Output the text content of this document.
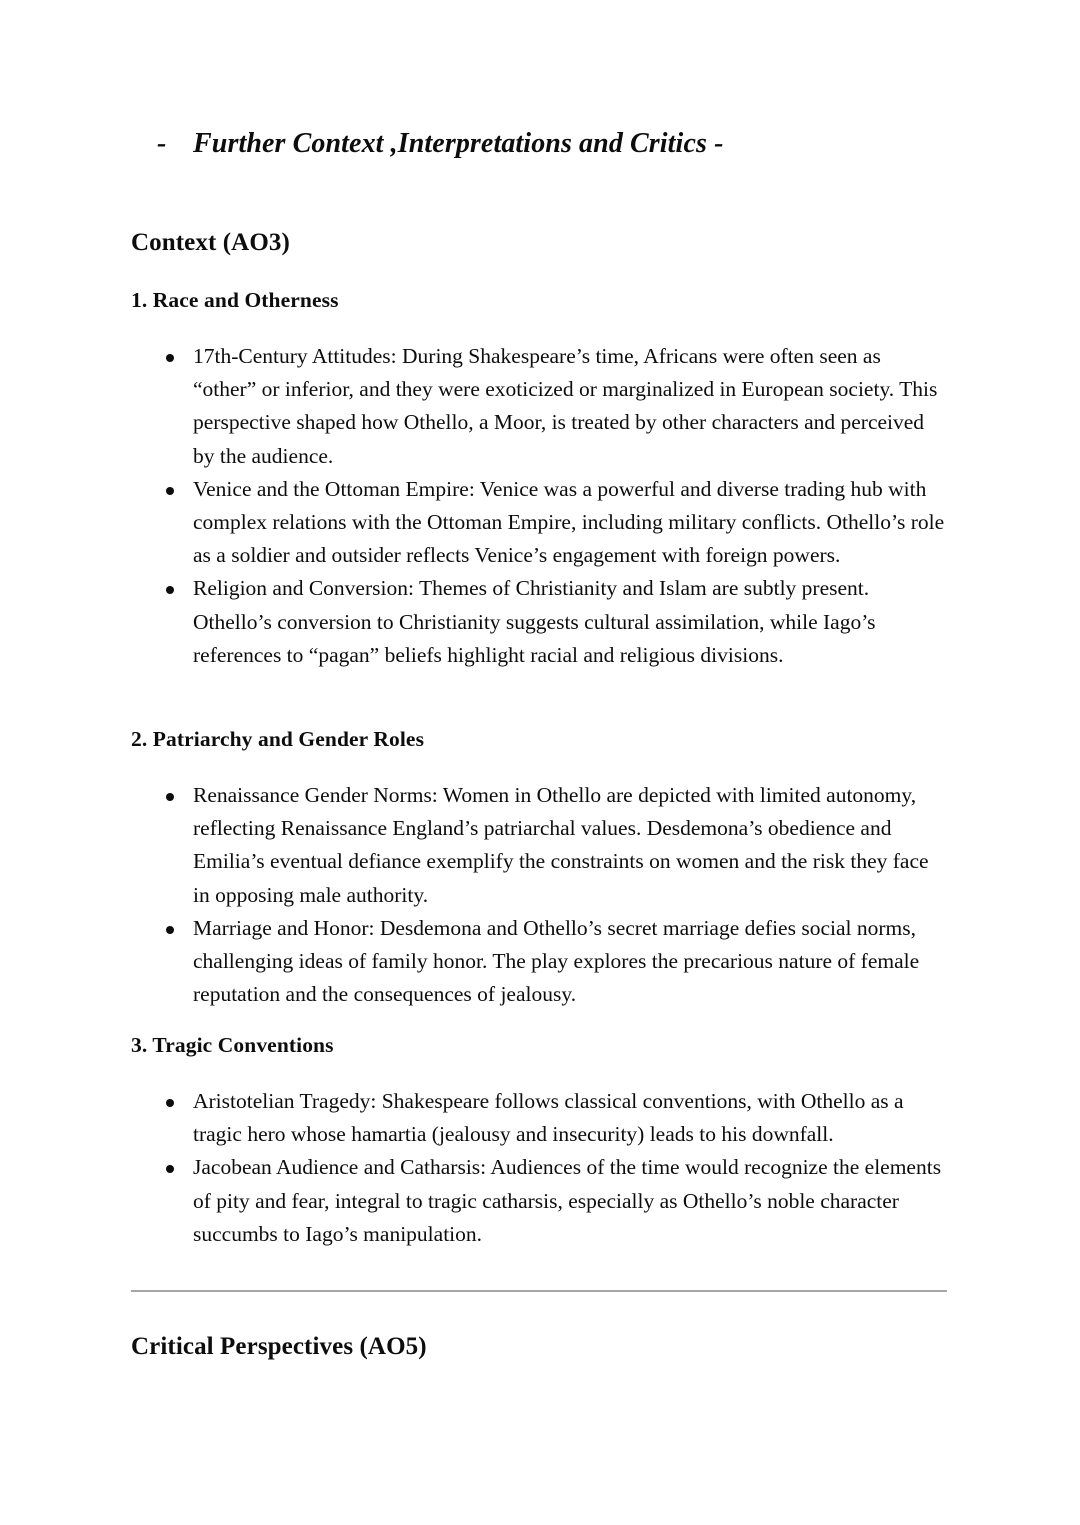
- Further Context ,Interpretations and Critics -
Context (AO3)
1. Race and Otherness
17th-Century Attitudes: During Shakespeare’s time, Africans were often seen as “other” or inferior, and they were exoticized or marginalized in European society. This perspective shaped how Othello, a Moor, is treated by other characters and perceived by the audience.
Venice and the Ottoman Empire: Venice was a powerful and diverse trading hub with complex relations with the Ottoman Empire, including military conflicts. Othello’s role as a soldier and outsider reflects Venice’s engagement with foreign powers.
Religion and Conversion: Themes of Christianity and Islam are subtly present. Othello’s conversion to Christianity suggests cultural assimilation, while Iago’s references to “pagan” beliefs highlight racial and religious divisions.
2. Patriarchy and Gender Roles
Renaissance Gender Norms: Women in Othello are depicted with limited autonomy, reflecting Renaissance England’s patriarchal values. Desdemona’s obedience and Emilia’s eventual defiance exemplify the constraints on women and the risk they face in opposing male authority.
Marriage and Honor: Desdemona and Othello’s secret marriage defies social norms, challenging ideas of family honor. The play explores the precarious nature of female reputation and the consequences of jealousy.
3. Tragic Conventions
Aristotelian Tragedy: Shakespeare follows classical conventions, with Othello as a tragic hero whose hamartia (jealousy and insecurity) leads to his downfall.
Jacobean Audience and Catharsis: Audiences of the time would recognize the elements of pity and fear, integral to tragic catharsis, especially as Othello’s noble character succumbs to Iago’s manipulation.
Critical Perspectives (AO5)
